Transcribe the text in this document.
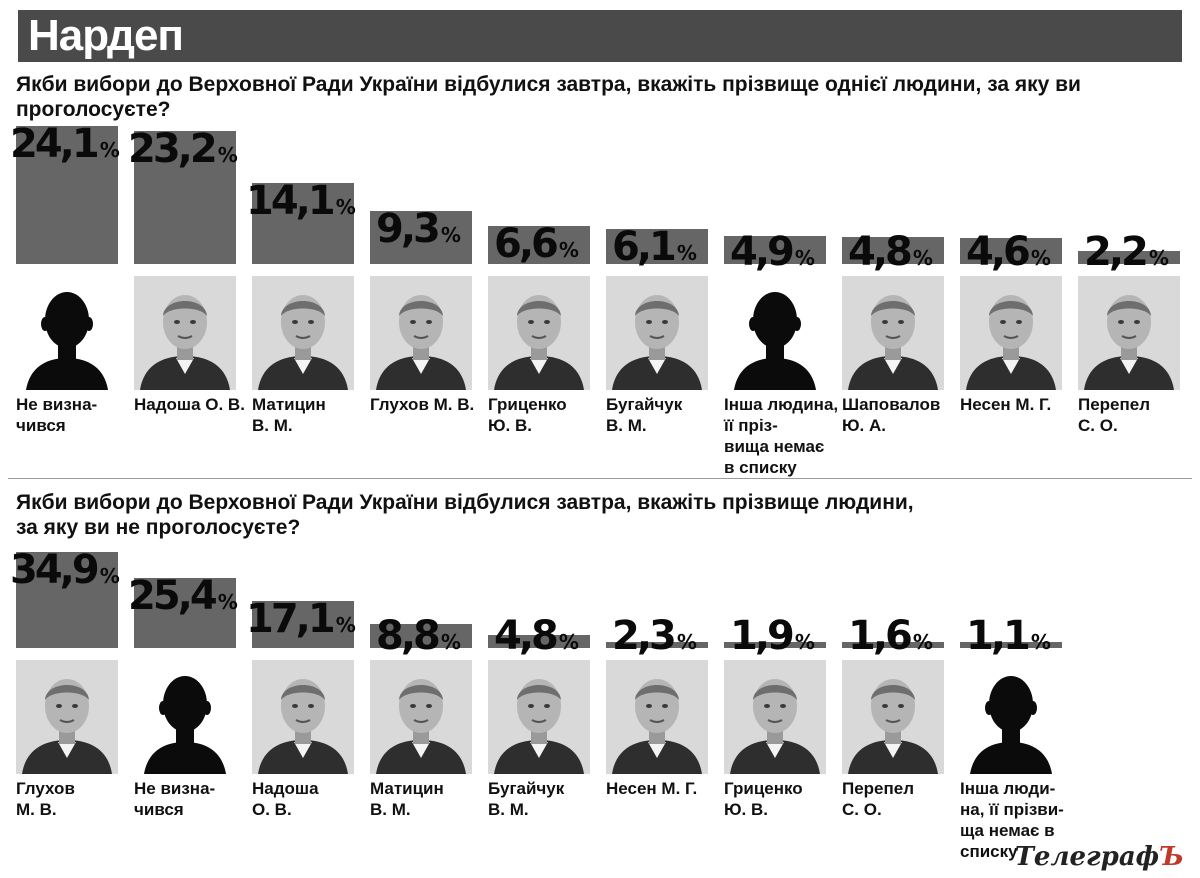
Нардеп
Якби вибори до Верховної Ради України відбулися завтра, вкажіть прізвище однієї людини, за яку ви проголосуєте?
24,1 %
Не визна-
чився
23,2 %
Надоша О. В.
14,1 %
Матицин
В. М.
9,3 %
Глухов М. В.
6,6 %
Гриценко
Ю. В.
6,1 %
Бугайчук
В. М.
4,9 %
Інша людина,
її пріз-
вища немає
в списку
4,8 %
Шаповалов
Ю. А.
4,6 %
Несен М. Г.
2,2 %
Перепел
С. О.
Якби вибори до Верховної Ради України відбулися завтра, вкажіть прізвище людини, за яку ви не проголосуєте?
34,9 %
Глухов
М. В.
25,4 %
Не визна-
чився
17,1 %
Надоша
О. В.
8,8 %
Матицин
В. М.
4,8 %
Бугайчук
В. М.
2,3 %
Несен М. Г.
1,9 %
Гриценко
Ю. В.
1,6 %
Перепел
С. О.
1,1 %
Інша люди-
на, її прізви-
ща немає в
списку
ТелеграфЪ
